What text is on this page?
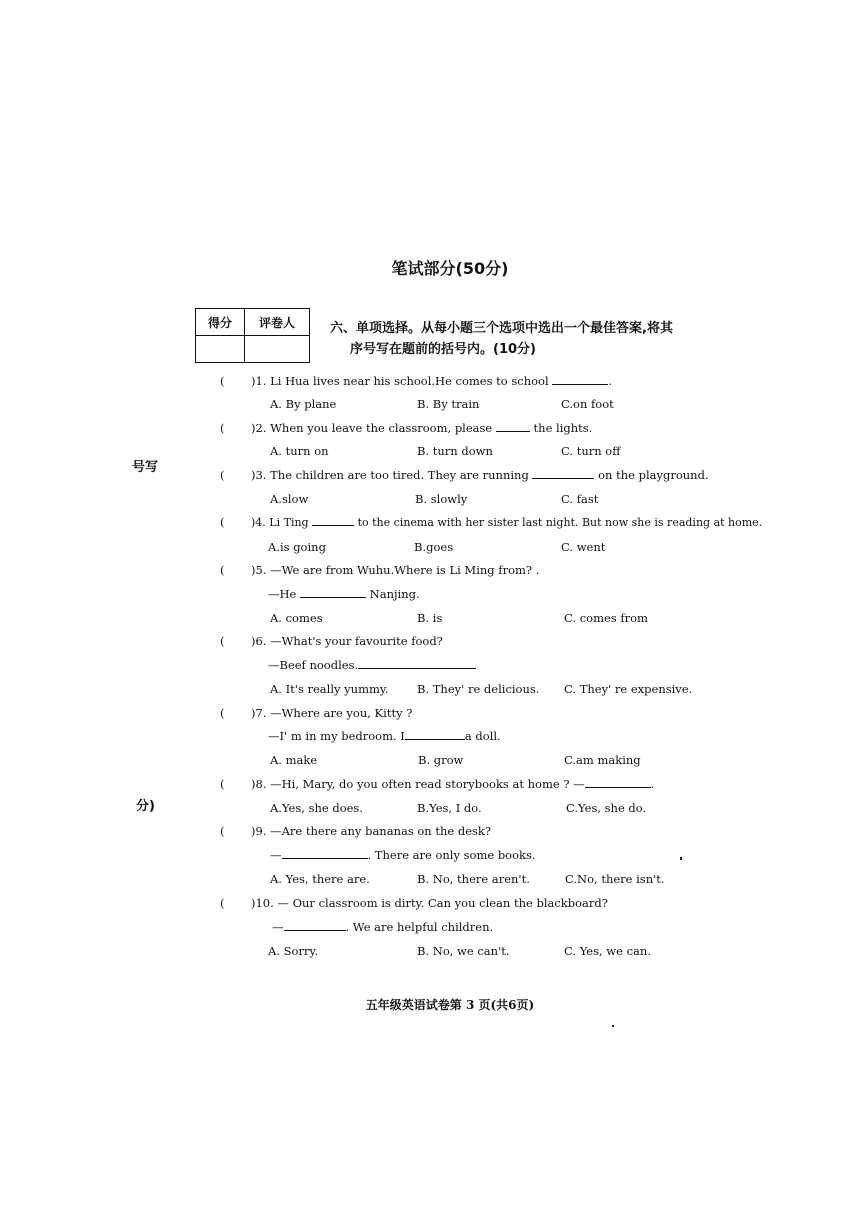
笔试部分(50分)
得分	评卷人
		六、单项选择。从每小题三个选项中选出一个最佳答案,将其
序号写在题前的括号内。(10分)
号写
分)
( )1. Li Hua lives near his school.He comes to school	.
A. By plane	B. By train	C.on foot
( )2. When you leave the classroom, please	the lights.
A. turn on	B. turn down	C. turn off
( )3. The children are too tired. They are running	on the playground.
A.slow	B. slowly	C. fast
( )4. Li Ting	to the cinema with her sister last night. But now she is reading at home.
A.is going	B.goes	C. went
( )5. —We are from Wuhu.Where is Li Ming from? .
—He	Nanjing.
A. comes	B. is	C. comes from
( )6. —What's your favourite food?
—Beef noodles.
A. It's really yummy. B. They' re delicious. C. They' re expensive.
( )7. —Where are you, Kitty ?
—I' m in my bedroom. I	a doll.
A. make	B. grow	C.am making
( )8. —Hi, Mary, do you often read storybooks at home ? —	.
A.Yes, she does.	B.Yes, I do.	C.Yes, she do.
( )9. —Are there any bananas on the desk?
—	. There are only some books.
A. Yes, there are.	B. No, there aren't.	C.No, there isn't.
( )10. — Our classroom is dirty. Can you clean the blackboard?
—	. We are helpful children.
A. Sorry.	B. No, we can't.	C. Yes, we can.
五年级英语试卷第 3 页(共6页)
